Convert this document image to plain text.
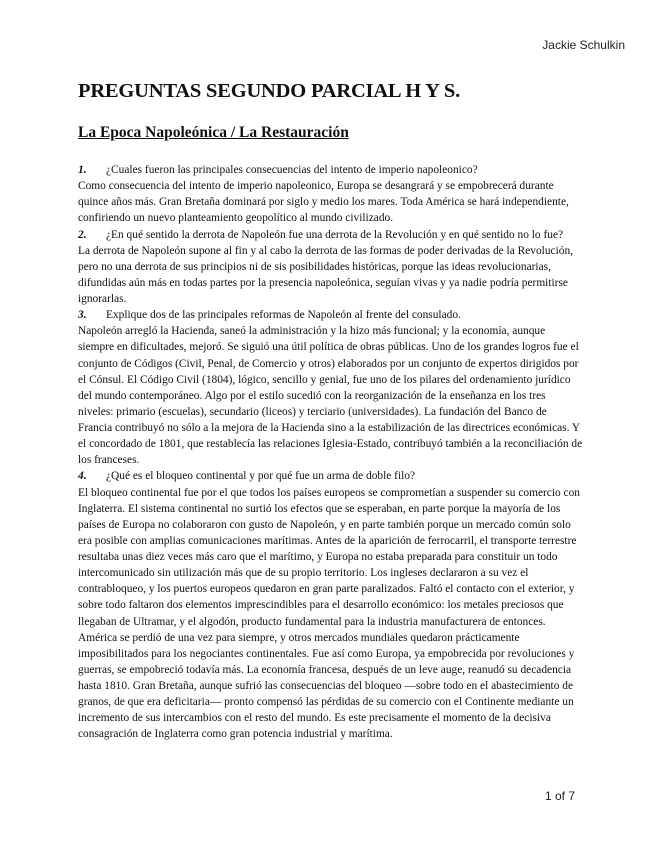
Jackie Schulkin
PREGUNTAS SEGUNDO PARCIAL H Y S.
La Epoca Napoleónica / La Restauración

1. ¿Cuales fueron las principales consecuencias del intento de imperio napoleonico?

Como consecuencia del intento de imperio napoleonico, Europa se desangrará y se empobrecerá durante quince años más. Gran Bretaña dominará por siglo y medio los mares. Toda América se hará independiente, confiriendo un nuevo planteamiento geopolítico al mundo civilizado.

2. ¿En qué sentido la derrota de Napoleón fue una derrota de la Revolución y en qué sentido no lo fue?

La derrota de Napoleón supone al fin y al cabo la derrota de las formas de poder derivadas de la Revolución, pero no una derrota de sus principios ni de sis posibilidades históricas, porque las ideas revolucionarias, difundidas aún más en todas partes por la presencia napoleónica, seguían vivas y ya nadie podría permitirse ignorarlas.

3. Explique dos de las principales reformas de Napoleón al frente del consulado.

Napoleón arregló la Hacienda, saneó la administración y la hizo más funcional; y la economía, aunque siempre en dificultades, mejoró. Se siguió una útil política de obras públicas. Uno de los grandes logros fue el conjunto de Códigos (Civil, Penal, de Comercio y otros) elaborados por un conjunto de expertos dirigidos por el Cónsul. El Código Civil (1804), lógico, sencillo y genial, fue uno de los pilares del ordenamiento jurídico del mundo contemporáneo. Algo por el estilo sucedió con la reorganización de la enseñanza en los tres niveles: primario (escuelas), secundario (liceos) y terciario (universidades). La fundación del Banco de Francia contribuyó no sólo a la mejora de la Hacienda sino a la estabilización de las directrices económicas. Y el concordado de 1801, que restablecía las relaciones Iglesia-Estado, contribuyó también a la reconciliación de los franceses.

4. ¿Qué es el bloqueo continental y por qué fue un arma de doble filo?

El bloqueo continental fue por el que todos los países europeos se comprometían a suspender su comercio con Inglaterra. El sistema continental no surtió los efectos que se esperaban, en parte porque la mayoría de los países de Europa no colaboraron con gusto de Napoleón, y en parte también porque un mercado común solo era posible con amplias comunicaciones marítimas. Antes de la aparición de ferrocarril, el transporte terrestre resultaba unas diez veces más caro que el marítimo, y Europa no estaba preparada para constituir un todo intercomunicado sin utilización más que de su propio territorio. Los ingleses declararon a su vez el contrabloqueo, y los puertos europeos quedaron en gran parte paralizados. Faltó el contacto con el exterior, y sobre todo faltaron dos elementos imprescindibles para el desarrollo económico: los metales preciosos que llegaban de Ultramar, y el algodón, producto fundamental para la industria manufacturera de entonces. América se perdió de una vez para siempre, y otros mercados mundiales quedaron prácticamente imposibilitados para los negociantes continentales. Fue así como Europa, ya empobrecida por revoluciones y guerras, se empobreció todavía más. La economía francesa, después de un leve auge, reanudó su decadencia hasta 1810. Gran Bretaña, aunque sufrió las consecuencias del bloqueo —sobre todo en el abastecimiento de granos, de que era deficitaria— pronto compensó las pérdidas de su comercio con el Continente mediante un incremento de sus intercambios con el resto del mundo. Es este precisamente el momento de la decisiva consagración de Inglaterra como gran potencia industrial y marítima.

1 of 7
